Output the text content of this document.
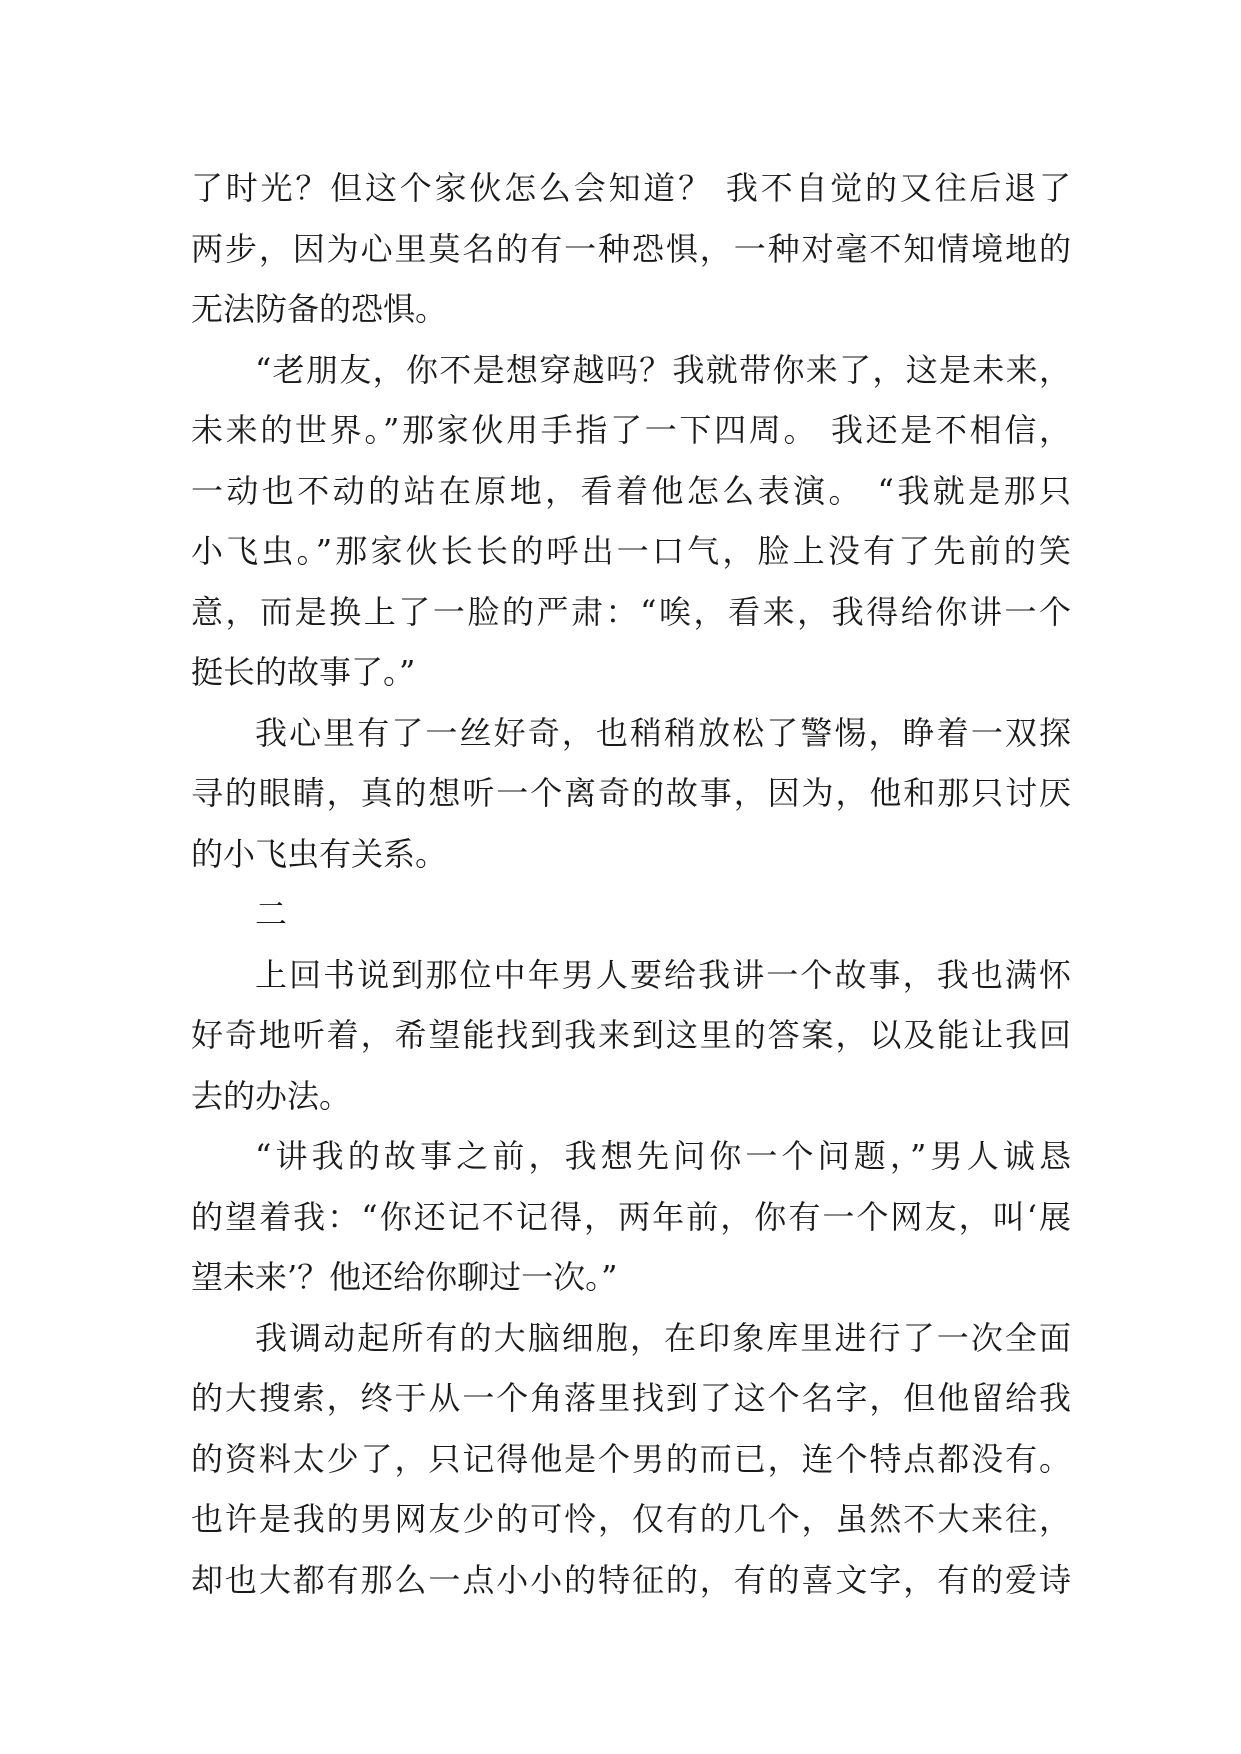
了时光？但这个家伙怎么会知道？ 我不自觉的又往后退了
两步，因为心里莫名的有一种恐惧，一种对毫不知情境地的
无法防备的恐惧。
“老朋友，你不是想穿越吗？我就带你来了，这是未来，
未来的世界。”那家伙用手指了一下四周。 我还是不相信，
一动也不动的站在原地，看着他怎么表演。 “我就是那只
小飞虫。”那家伙长长的呼出一口气，脸上没有了先前的笑
意，而是换上了一脸的严肃：“唉，看来，我得给你讲一个
挺长的故事了。”
我心里有了一丝好奇，也稍稍放松了警惕，睁着一双探
寻的眼睛，真的想听一个离奇的故事，因为，他和那只讨厌
的小飞虫有关系。
二
上回书说到那位中年男人要给我讲一个故事，我也满怀
好奇地听着，希望能找到我来到这里的答案，以及能让我回
去的办法。
“讲我的故事之前，我想先问你一个问题，”男人诚恳
的望着我：“你还记不记得，两年前，你有一个网友，叫‘展
望未来’？他还给你聊过一次。”
我调动起所有的大脑细胞，在印象库里进行了一次全面
的大搜索，终于从一个角落里找到了这个名字，但他留给我
的资料太少了，只记得他是个男的而已，连个特点都没有。
也许是我的男网友少的可怜，仅有的几个，虽然不大来往，
却也大都有那么一点小小的特征的，有的喜文字，有的爱诗
